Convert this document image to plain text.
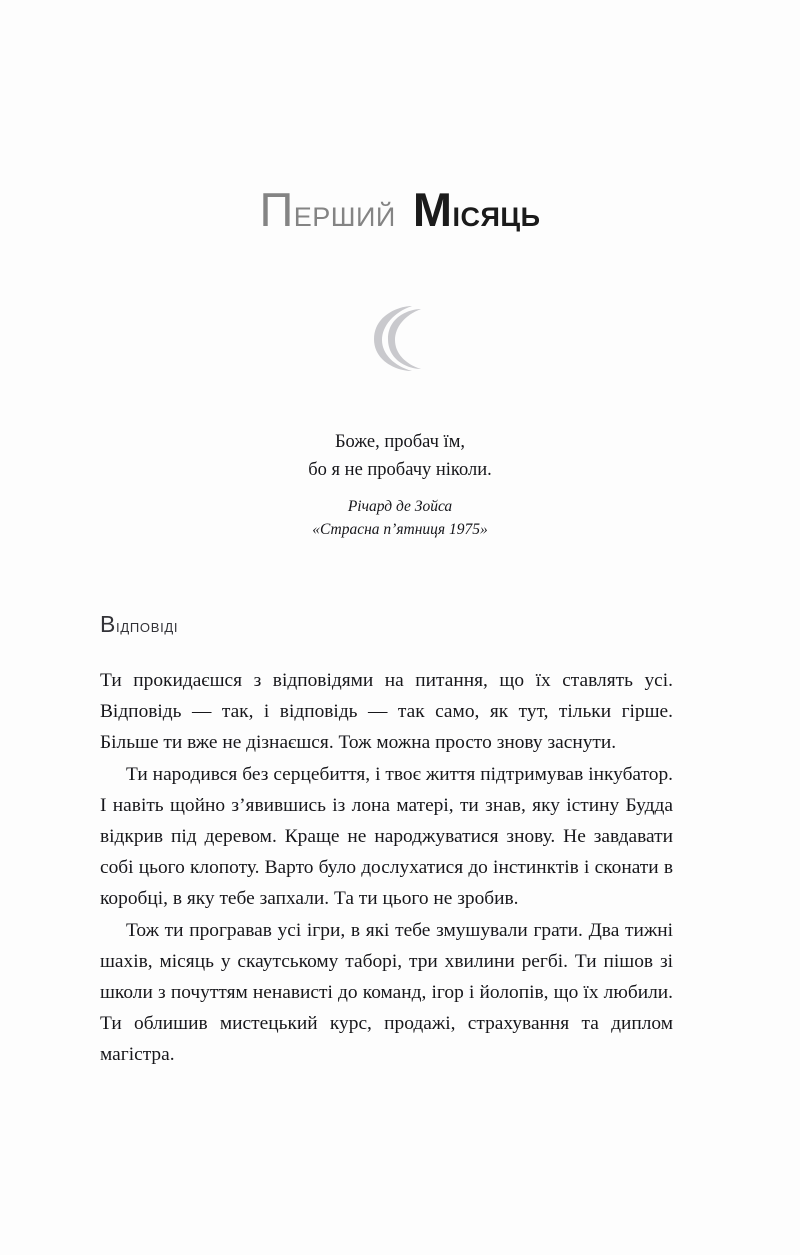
Перший Місяць
Боже, пробач їм,
бо я не пробачу ніколи.
Річард де Зойса
«Страсна п’ятниця 1975»
Відповіді

Ти прокидаєшся з відповідями на питання, що їх ставлять усі. Відповідь — так, і відповідь — так само, як тут, тільки гірше. Більше ти вже не дізнаєшся. Тож можна просто знову заснути.

Ти народився без серцебиття, і твоє життя підтримував інкубатор. І навіть щойно з’явившись із лона матері, ти знав, яку істину Будда відкрив під деревом. Краще не народжуватися знову. Не завдавати собі цього клопоту. Варто було дослухатися до інстинктів і сконати в коробці, в яку тебе запхали. Та ти цього не зробив.

Тож ти програвав усі ігри, в які тебе змушували грати. Два тижні шахів, місяць у скаутському таборі, три хвилини регбі. Ти пішов зі школи з почуттям ненависті до команд, ігор і йолопів, що їх любили. Ти облишив мистецький курс, продажі, страхування та диплом магістра.
